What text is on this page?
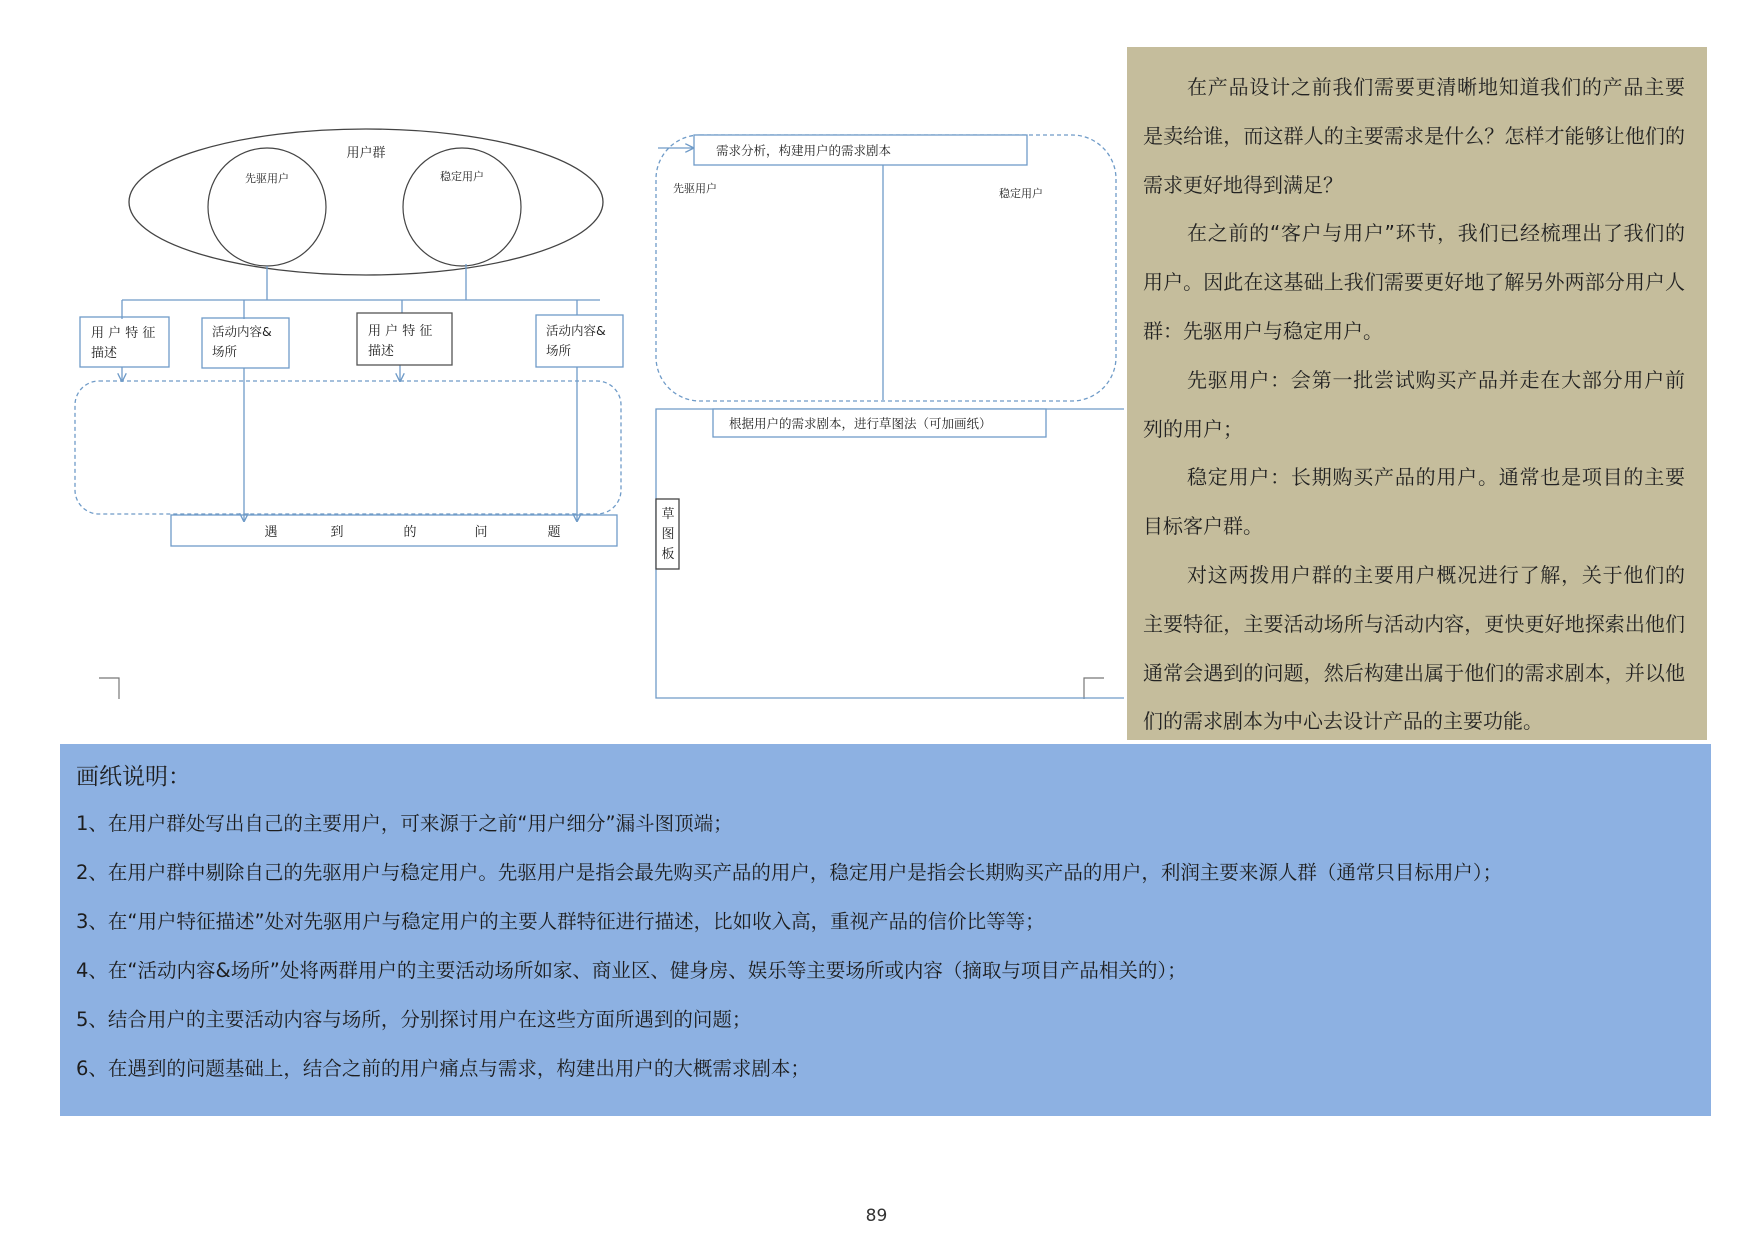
用户群
先驱用户	稳定用户
用 户 特 征
描述
活动内容&
场所
用 户 特 征
描述
活动内容&
场所
遇	到	的	问	题
需求分析，构建用户的需求剧本
先驱用户	稳定用户
根据用户的需求剧本，进行草图法（可加画纸）
草
图
板

在产品设计之前我们需要更清晰地知道我们的产品主要是卖给谁，而这群人的主要需求是什么？怎样才能够让他们的需求更好地得到满足？

在之前的“客户与用户”环节，我们已经梳理出了我们的用户。因此在这基础上我们需要更好地了解另外两部分用户人群：先驱用户与稳定用户。

先驱用户：会第一批尝试购买产品并走在大部分用户前列的用户；

稳定用户：长期购买产品的用户。通常也是项目的主要目标客户群。

对这两拨用户群的主要用户概况进行了解，关于他们的主要特征，主要活动场所与活动内容，更快更好地探索出他们通常会遇到的问题，然后构建出属于他们的需求剧本，并以他们的需求剧本为中心去设计产品的主要功能。

画纸说明：
1、在用户群处写出自己的主要用户，可来源于之前“用户细分”漏斗图顶端；
2、在用户群中剔除自己的先驱用户与稳定用户。先驱用户是指会最先购买产品的用户，稳定用户是指会长期购买产品的用户，利润主要来源人群（通常只目标用户）；
3、在“用户特征描述”处对先驱用户与稳定用户的主要人群特征进行描述，比如收入高，重视产品的信价比等等；
4、在“活动内容&场所”处将两群用户的主要活动场所如家、商业区、健身房、娱乐等主要场所或内容（摘取与项目产品相关的）；
5、结合用户的主要活动内容与场所，分别探讨用户在这些方面所遇到的问题；
6、在遇到的问题基础上，结合之前的用户痛点与需求，构建出用户的大概需求剧本；
89
